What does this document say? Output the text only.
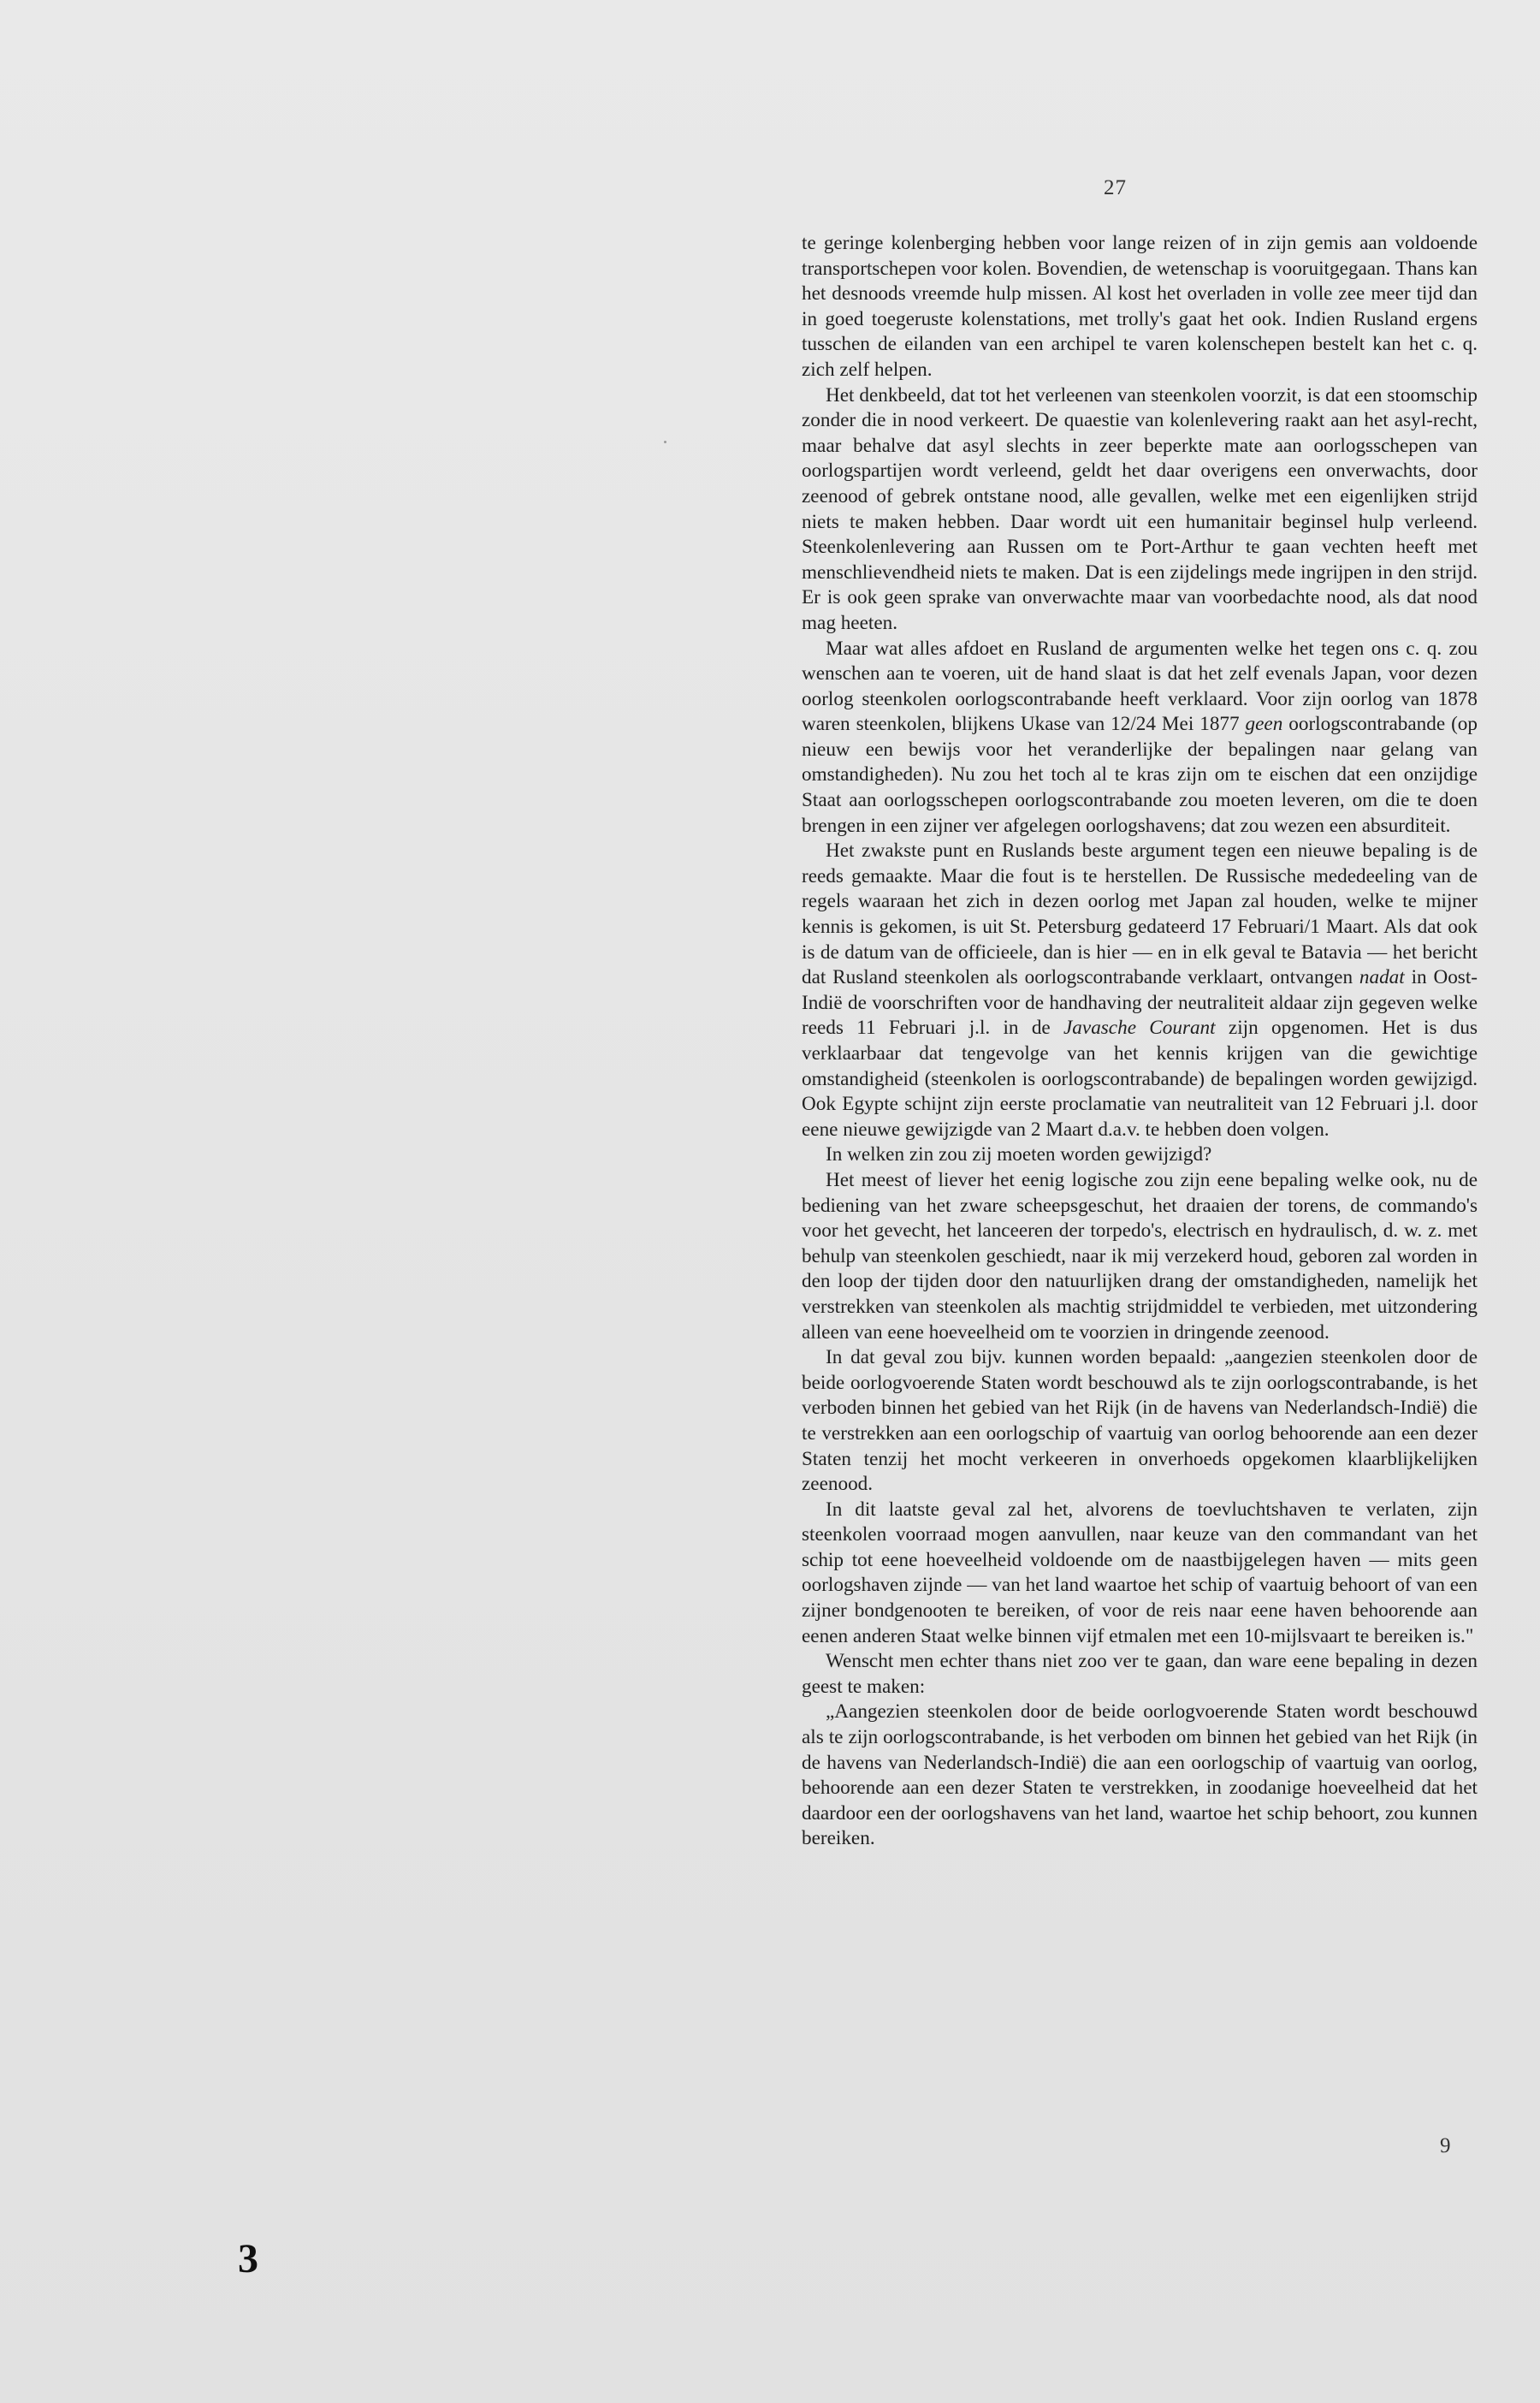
27

te geringe kolenberging hebben voor lange reizen of in zijn gemis aan voldoende transportschepen voor kolen. Bovendien, de wetenschap is vooruitgegaan. Thans kan het desnoods vreemde hulp missen. Al kost het overladen in volle zee meer tijd dan in goed toegeruste kolenstations, met trolly's gaat het ook. Indien Rusland ergens tusschen de eilanden van een archipel te varen kolenschepen bestelt kan het c. q. zich zelf helpen.

Het denkbeeld, dat tot het verleenen van steenkolen voorzit, is dat een stoomschip zonder die in nood verkeert. De quaestie van kolenlevering raakt aan het asyl-recht, maar behalve dat asyl slechts in zeer beperkte mate aan oorlogsschepen van oorlogspartijen wordt verleend, geldt het daar overigens een onverwachts, door zeenood of gebrek ontstane nood, alle gevallen, welke met een eigenlijken strijd niets te maken hebben. Daar wordt uit een humanitair beginsel hulp verleend. Steenkolenlevering aan Russen om te Port-Arthur te gaan vechten heeft met menschlievendheid niets te maken. Dat is een zijdelings mede ingrijpen in den strijd. Er is ook geen sprake van onverwachte maar van voorbedachte nood, als dat nood mag heeten.

Maar wat alles afdoet en Rusland de argumenten welke het tegen ons c. q. zou wenschen aan te voeren, uit de hand slaat is dat het zelf evenals Japan, voor dezen oorlog steenkolen oorlogscontrabande heeft verklaard. Voor zijn oorlog van 1878 waren steenkolen, blijkens Ukase van 12/24 Mei 1877 geen oorlogscontrabande (op nieuw een bewijs voor het veranderlijke der bepalingen naar gelang van omstandigheden). Nu zou het toch al te kras zijn om te eischen dat een onzijdige Staat aan oorlogsschepen oorlogscontrabande zou moeten leveren, om die te doen brengen in een zijner ver afgelegen oorlogshavens; dat zou wezen een absurditeit.

Het zwakste punt en Ruslands beste argument tegen een nieuwe bepaling is de reeds gemaakte. Maar die fout is te herstellen. De Russische mededeeling van de regels waaraan het zich in dezen oorlog met Japan zal houden, welke te mijner kennis is gekomen, is uit St. Petersburg gedateerd 17 Februari/1 Maart. Als dat ook is de datum van de officieele, dan is hier — en in elk geval te Batavia — het bericht dat Rusland steenkolen als oorlogscontrabande verklaart, ontvangen nadat in Oost-Indië de voorschriften voor de handhaving der neutraliteit aldaar zijn gegeven welke reeds 11 Februari j.l. in de Javasche Courant zijn opgenomen. Het is dus verklaarbaar dat tengevolge van het kennis krijgen van die gewichtige omstandigheid (steenkolen is oorlogscontrabande) de bepalingen worden gewijzigd. Ook Egypte schijnt zijn eerste proclamatie van neutraliteit van 12 Februari j.l. door eene nieuwe gewijzigde van 2 Maart d.a.v. te hebben doen volgen.

In welken zin zou zij moeten worden gewijzigd?

Het meest of liever het eenig logische zou zijn eene bepaling welke ook, nu de bediening van het zware scheepsgeschut, het draaien der torens, de commando's voor het gevecht, het lanceeren der torpedo's, electrisch en hydraulisch, d. w. z. met behulp van steenkolen geschiedt, naar ik mij verzekerd houd, geboren zal worden in den loop der tijden door den natuurlijken drang der omstandigheden, namelijk het verstrekken van steenkolen als machtig strijdmiddel te verbieden, met uitzondering alleen van eene hoeveelheid om te voorzien in dringende zeenood.

In dat geval zou bijv. kunnen worden bepaald: „aangezien steenkolen door de beide oorlogvoerende Staten wordt beschouwd als te zijn oorlogscontrabande, is het verboden binnen het gebied van het Rijk (in de havens van Nederlandsch-Indië) die te verstrekken aan een oorlogschip of vaartuig van oorlog behoorende aan een dezer Staten tenzij het mocht verkeeren in onverhoeds opgekomen klaarblijkelijken zeenood.

In dit laatste geval zal het, alvorens de toevluchtshaven te verlaten, zijn steenkolen voorraad mogen aanvullen, naar keuze van den commandant van het schip tot eene hoeveelheid voldoende om de naastbijgelegen haven — mits geen oorlogshaven zijnde — van het land waartoe het schip of vaartuig behoort of van een zijner bondgenooten te bereiken, of voor de reis naar eene haven behoorende aan eenen anderen Staat welke binnen vijf etmalen met een 10-mijlsvaart te bereiken is."

Wenscht men echter thans niet zoo ver te gaan, dan ware eene bepaling in dezen geest te maken:

„Aangezien steenkolen door de beide oorlogvoerende Staten wordt beschouwd als te zijn oorlogscontrabande, is het verboden om binnen het gebied van het Rijk (in de havens van Nederlandsch-Indië) die aan een oorlogschip of vaartuig van oorlog, behoorende aan een dezer Staten te verstrekken, in zoodanige hoeveelheid dat het daardoor een der oorlogshavens van het land, waartoe het schip behoort, zou kunnen bereiken.

9
3
